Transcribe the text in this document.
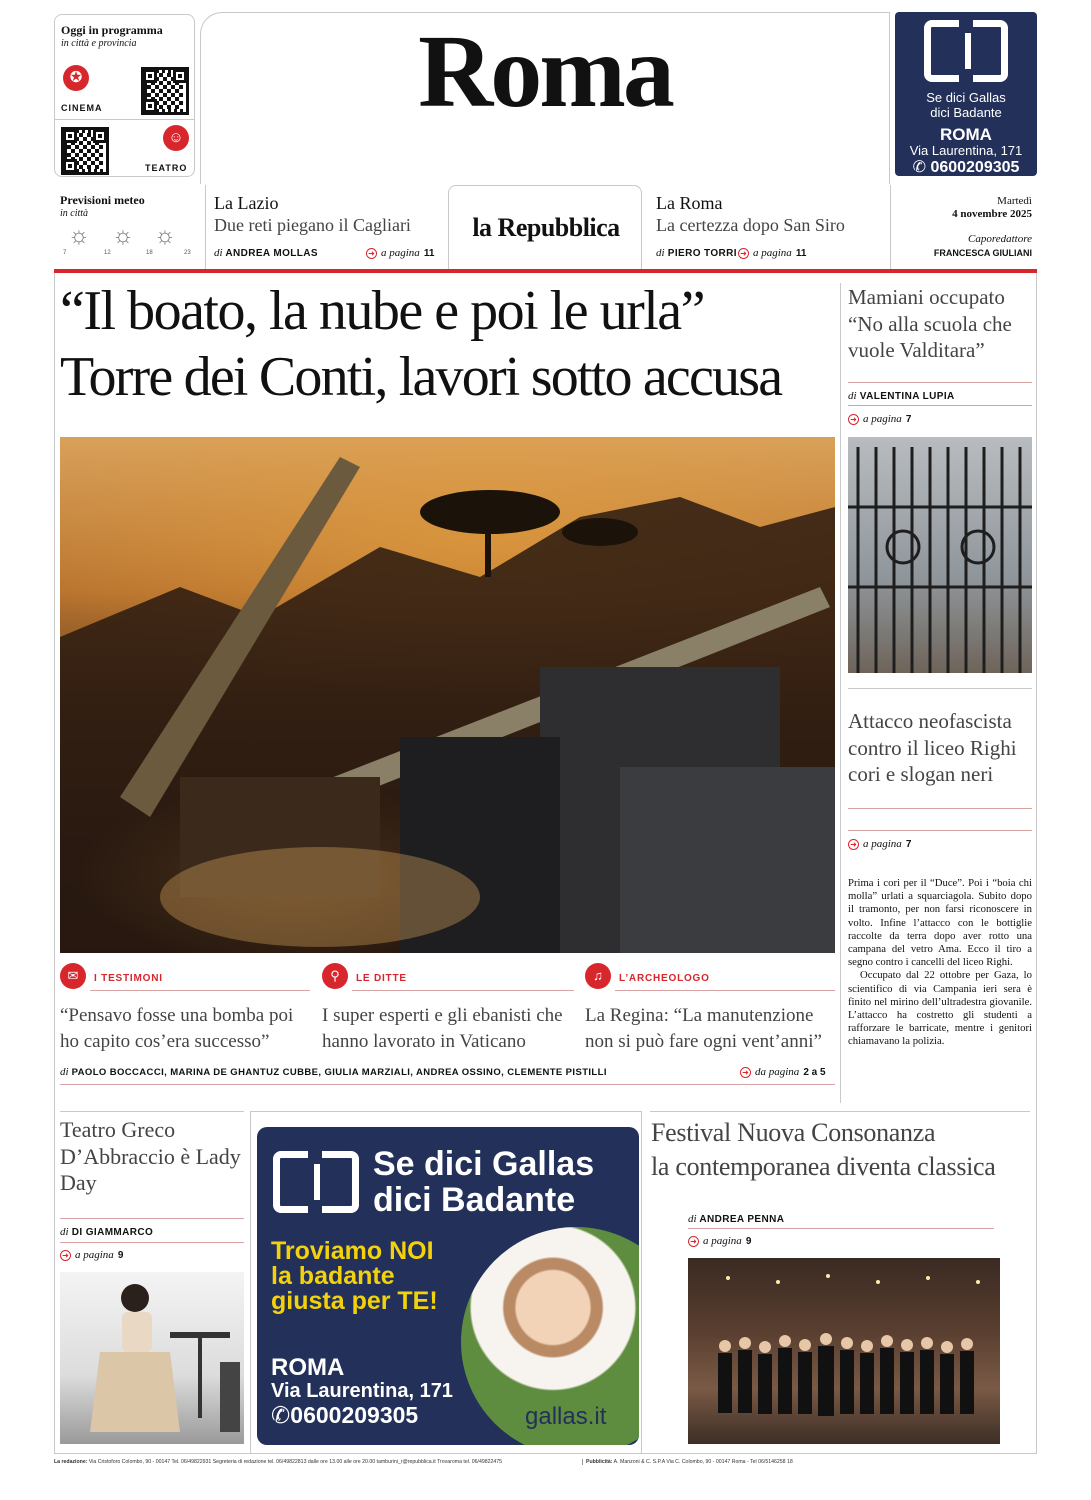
Oggi in programma
in città e provincia
✪
CINEMA
☺
TEATRO
Roma	Se dici Gallas
dici Badante
ROMA
Via Laurentina, 171
✆ 0600209305
Previsioni meteo
in città
☼ ☼ ☼
7	12	18	23
La Lazio
Due reti piegano il Cagliari
di ANDREA MOLLAS	➜ a pagina 11
la Repubblica
La Roma
La certezza dopo San Siro
di PIERO TORRI ➜ a pagina 11
Martedì
4 novembre 2025
Caporedattore
FRANCESCA GIULIANI
“Il boato, la nube e poi le urla”
Torre dei Conti, lavori sotto accusa
✉	I TESTIMONI
“Pensavo fosse una bomba poi ho capito cos’era successo”
⚲	LE DITTE
I super esperti e gli ebanisti che hanno lavorato in Vaticano
♫	L’ARCHEOLOGO
La Regina: “La manutenzione non si può fare ogni vent’anni”
di PAOLO BOCCACCI, MARINA DE GHANTUZ CUBBE, GIULIA MARZIALI, ANDREA OSSINO, CLEMENTE PISTILLI	➜ da pagina 2 a 5
Mamiani occupato “No alla scuola che vuole Valditara”
di VALENTINA LUPIA
➜ a pagina 7
Attacco neofascista contro il liceo Righi cori e slogan neri
➜ a pagina 7

Prima i cori per il “Duce”. Poi i “boia chi molla” urlati a squarciagola. Subito dopo il tramonto, per non farsi riconoscere in volto. Infine l’attacco con le bottiglie raccolte da terra dopo aver rotto una campana del vetro Ama. Ecco il tiro a segno contro i cancelli del liceo Righi.

Occupato dal 22 ottobre per Gaza, lo scientifico di via Campania ieri sera è finito nel mirino dell’ultradestra giovanile. L’attacco ha costretto gli studenti a rafforzare le barricate, mentre i genitori chiamavano la polizia.

Teatro Greco D’Abbraccio è Lady Day
di DI GIAMMARCO
➜ a pagina 9
Se dici Gallas
dici Badante
Troviamo NOI
la badante
giusta per TE!
ROMA
Via Laurentina, 171
✆0600209305	gallas.it
Festival Nuova Consonanza
la contemporanea diventa classica
di ANDREA PENNA
➜ a pagina 9
La redazione: Via Cristoforo Colombo, 90 - 00147 Tel. 06/49822931 Segreteria di redazione tel. 06/49822813 dalle ore 13.00 alle ore 20.00 tamburini_r@repubblica.it Trovaroma tel. 06/49822475	Pubblicità: A. Manzoni & C. S.P.A Via C. Colombo, 90 - 00147 Roma - Tel 06/5146258 18
